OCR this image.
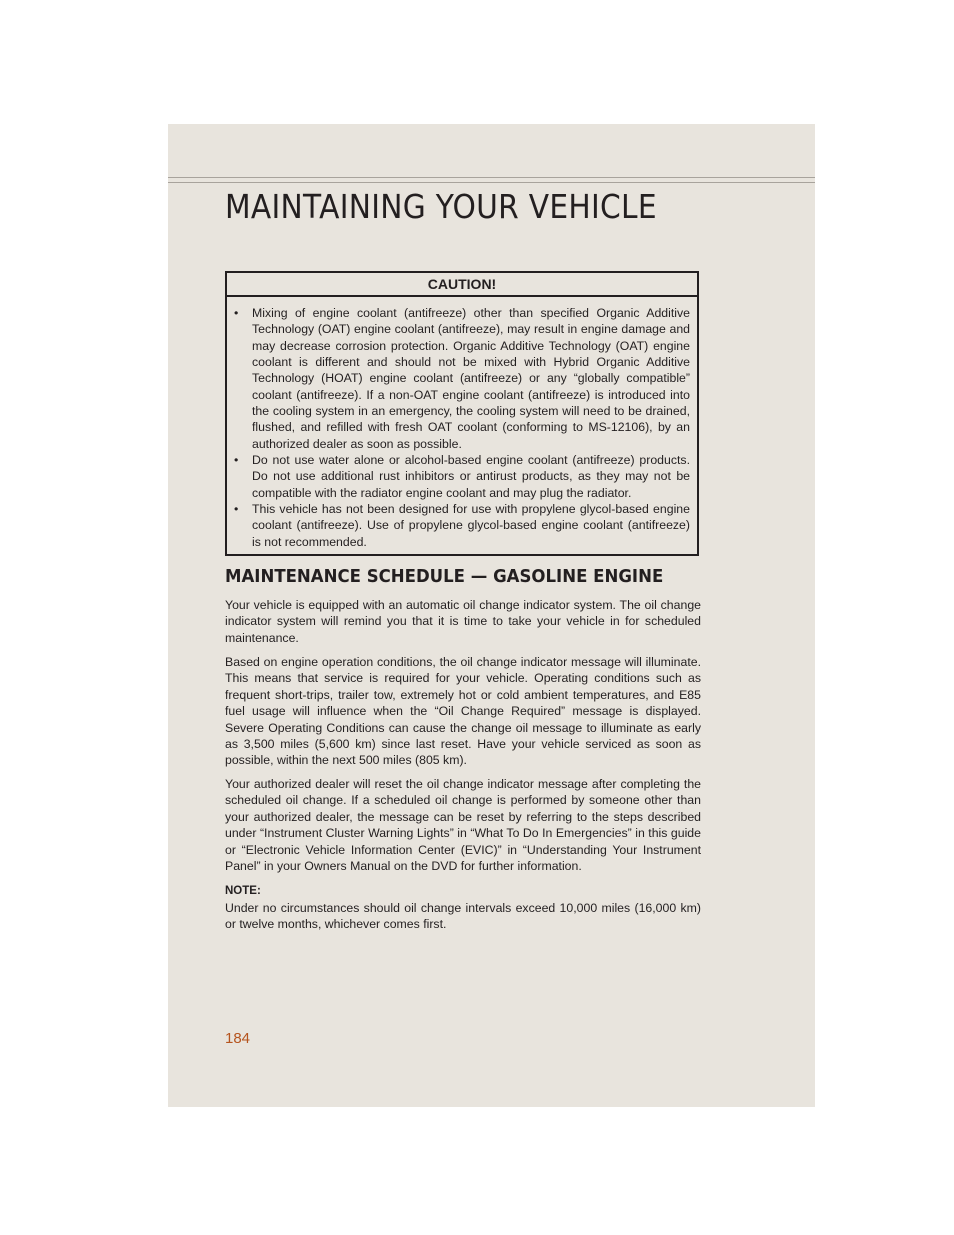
MAINTAINING YOUR VEHICLE
CAUTION!
• Mixing of engine coolant (antifreeze) other than specified Organic Additive Technology (OAT) engine coolant (antifreeze), may result in engine damage and may decrease corrosion protection. Organic Additive Technology (OAT) engine coolant is different and should not be mixed with Hybrid Organic Additive Technology (HOAT) engine coolant (antifreeze) or any “globally compatible” coolant (antifreeze). If a non-OAT engine coolant (antifreeze) is introduced into the cooling system in an emergency, the cooling system will need to be drained, flushed, and refilled with fresh OAT coolant (conforming to MS-12106), by an authorized dealer as soon as possible.
• Do not use water alone or alcohol-based engine coolant (antifreeze) products. Do not use additional rust inhibitors or antirust products, as they may not be compatible with the radiator engine coolant and may plug the radiator.
• This vehicle has not been designed for use with propylene glycol-based engine coolant (antifreeze). Use of propylene glycol-based engine coolant (antifreeze) is not recommended.
MAINTENANCE SCHEDULE — GASOLINE ENGINE

Your vehicle is equipped with an automatic oil change indicator system. The oil change indicator system will remind you that it is time to take your vehicle in for scheduled maintenance.

Based on engine operation conditions, the oil change indicator message will illuminate. This means that service is required for your vehicle. Operating conditions such as frequent short-trips, trailer tow, extremely hot or cold ambient temperatures, and E85 fuel usage will influence when the “Oil Change Required” message is displayed. Severe Operating Conditions can cause the change oil message to illuminate as early as 3,500 miles (5,600 km) since last reset. Have your vehicle serviced as soon as possible, within the next 500 miles (805 km).

Your authorized dealer will reset the oil change indicator message after completing the scheduled oil change. If a scheduled oil change is performed by someone other than your authorized dealer, the message can be reset by referring to the steps described under “Instrument Cluster Warning Lights” in “What To Do In Emergencies” in this guide or “Electronic Vehicle Information Center (EVIC)” in “Understanding Your Instrument Panel” in your Owners Manual on the DVD for further information.

NOTE:

Under no circumstances should oil change intervals exceed 10,000 miles (16,000 km) or twelve months, whichever comes first.

184
